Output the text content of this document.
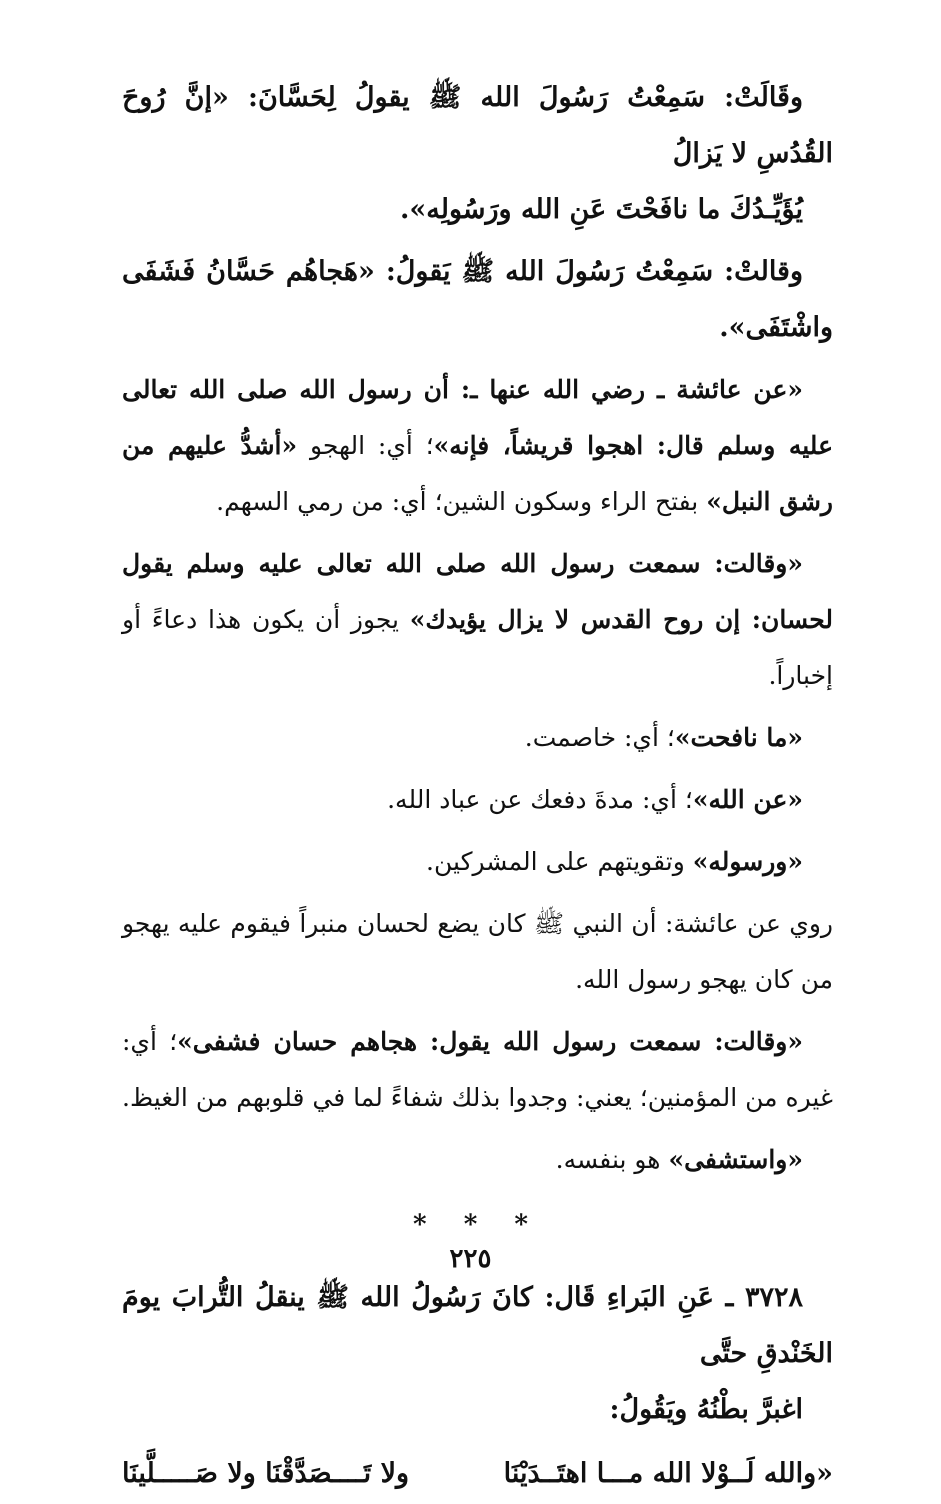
وقَالَتْ: سَمِعْتُ رَسُولَ الله ﷺ يقولُ لِحَسَّانَ: «إنَّ رُوحَ القُدُسِ لا يَزالُ
يُؤَيِّـدُكَ ما نافَحْتَ عَنِ الله ورَسُولِه».

وقالتْ: سَمِعْتُ رَسُولَ الله ﷺ يَقولُ: «هَجاهُم حَسَّانُ فَشَفَى واشْتَفَى».

«عن عائشة ـ رضي الله عنها ـ: أن رسول الله صلى الله تعالى عليه وسلم قال: اهجوا قريشاً، فإنه»؛ أي: الهجو «أشدُّ عليهم من رشق النبل» بفتح الراء وسكون الشين؛ أي: من رمي السهم.

«وقالت: سمعت رسول الله صلى الله تعالى عليه وسلم يقول لحسان: إن روح القدس لا يزال يؤيدك» يجوز أن يكون هذا دعاءً أو إخباراً.

«ما نافحت»؛ أي: خاصمت.

«عن الله»؛ أي: مدةَ دفعك عن عباد الله.

«ورسوله» وتقويتهم على المشركين.

روي عن عائشة: أن النبي ﷺ كان يضع لحسان منبراً فيقوم عليه يهجو من كان يهجو رسول الله.

«وقالت: سمعت رسول الله يقول: هجاهم حسان فشفى»؛ أي: غيره من المؤمنين؛ يعني: وجدوا بذلك شفاءً لما في قلوبهم من الغيظ.

«واستشفى» هو بنفسه.

* * *

٣٧٢٨ ـ عَنِ البَراءِ قَال: كانَ رَسُولُ الله ﷺ ينقلُ التُّرابَ يومَ الخَنْدقِ حتَّى
اغبرَّ بطْنُهُ ويَقُولُ:

«والله لَــوْلا الله مـــا اهتَــدَيْنَا
ولا تَــــصَدَّقْنَا ولا صَـــــلَّينَا
٢٢٥
